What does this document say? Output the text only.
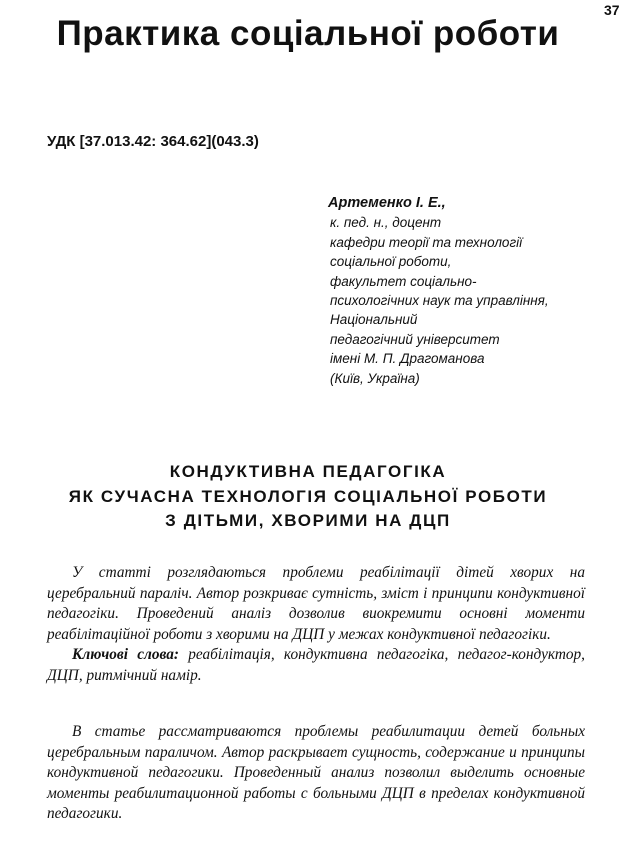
37
Практика соціальної роботи
УДК [37.013.42: 364.62](043.3)
Артеменко І. Е.,
к. пед. н., доцент
кафедри теорії та технології
соціальної роботи,
факультет соціально-
психологічних наук та управління,
Національний
педагогічний університет
імені М. П. Драгоманова
(Київ, Україна)
КОНДУКТИВНА ПЕДАГОГІКА
ЯК СУЧАСНА ТЕХНОЛОГІЯ СОЦІАЛЬНОЇ РОБОТИ
З ДІТЬМИ, ХВОРИМИ НА ДЦП

У статті розглядаються проблеми реабілітації дітей хворих на церебральний параліч. Автор розкриває сутність, зміст і принципи кондуктивної педагогіки. Проведений аналіз дозволив виокремити основні моменти реабілітаційної роботи з хворими на ДЦП у межах кондуктивної педагогіки.

Ключові слова: реабілітація, кондуктивна педагогіка, педагог-кондуктор, ДЦП, ритмічний намір.

В статье рассматриваются проблемы реабилитации детей больных церебральным параличом. Автор раскрывает сущность, содержание и принципы кондуктивной педагогики. Проведенный анализ позволил выделить основные моменты реабилитационной работы с больными ДЦП в пределах кондуктивной педагогики.
